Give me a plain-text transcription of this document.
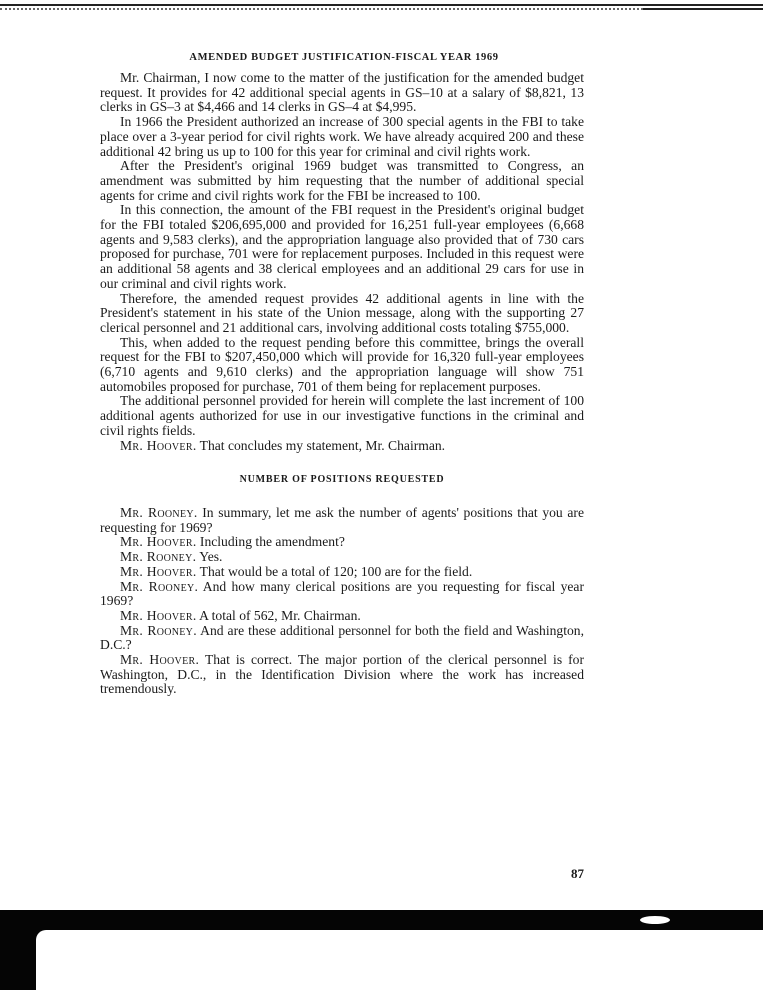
AMENDED BUDGET JUSTIFICATION-FISCAL YEAR 1969

Mr. Chairman, I now come to the matter of the justification for the amended budget request. It provides for 42 additional special agents in GS–10 at a salary of $8,821, 13 clerks in GS–3 at $4,466 and 14 clerks in GS–4 at $4,995.

In 1966 the President authorized an increase of 300 special agents in the FBI to take place over a 3-year period for civil rights work. We have already acquired 200 and these additional 42 bring us up to 100 for this year for criminal and civil rights work.

After the President's original 1969 budget was transmitted to Congress, an amendment was submitted by him requesting that the number of additional special agents for crime and civil rights work for the FBI be increased to 100.

In this connection, the amount of the FBI request in the President's original budget for the FBI totaled $206,695,000 and provided for 16,251 full-year employees (6,668 agents and 9,583 clerks), and the appropriation language also provided that of 730 cars proposed for purchase, 701 were for replacement purposes. Included in this request were an additional 58 agents and 38 clerical employees and an additional 29 cars for use in our criminal and civil rights work.

Therefore, the amended request provides 42 additional agents in line with the President's statement in his state of the Union message, along with the supporting 27 clerical personnel and 21 additional cars, involving additional costs totaling $755,000.

This, when added to the request pending before this committee, brings the overall request for the FBI to $207,450,000 which will provide for 16,320 full-year employees (6,710 agents and 9,610 clerks) and the appropriation language will show 751 automobiles proposed for purchase, 701 of them being for replacement purposes.

The additional personnel provided for herein will complete the last increment of 100 additional agents authorized for use in our investigative functions in the criminal and civil rights fields.

Mr. Hoover. That concludes my statement, Mr. Chairman.

NUMBER OF POSITIONS REQUESTED

Mr. Rooney. In summary, let me ask the number of agents' positions that you are requesting for 1969?

Mr. Hoover. Including the amendment?

Mr. Rooney. Yes.

Mr. Hoover. That would be a total of 120; 100 are for the field.

Mr. Rooney. And how many clerical positions are you requesting for fiscal year 1969?

Mr. Hoover. A total of 562, Mr. Chairman.

Mr. Rooney. And are these additional personnel for both the field and Washington, D.C.?

Mr. Hoover. That is correct. The major portion of the clerical personnel is for Washington, D.C., in the Identification Division where the work has increased tremendously.

87
